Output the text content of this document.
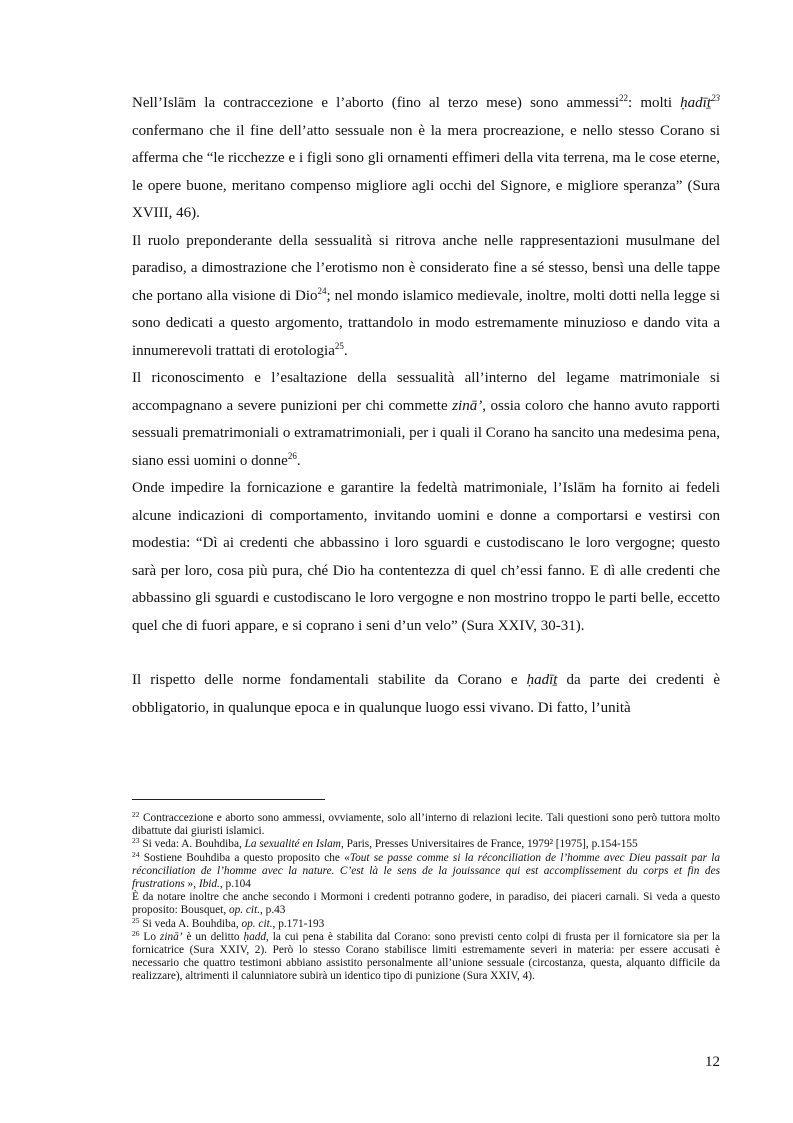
Nell’Islām la contraccezione e l’aborto (fino al terzo mese) sono ammessi$^{22}$: molti ḥadīṯ$^{23}$ confermano che il fine dell’atto sessuale non è la mera procreazione, e nello stesso Corano si afferma che “le ricchezze e i figli sono gli ornamenti effimeri della vita terrena, ma le cose eterne, le opere buone, meritano compenso migliore agli occhi del Signore, e migliore speranza” (Sura XVIII, 46).

Il ruolo preponderante della sessualità si ritrova anche nelle rappresentazioni musulmane del paradiso, a dimostrazione che l’erotismo non è considerato fine a sé stesso, bensì una delle tappe che portano alla visione di Dio$^{24}$; nel mondo islamico medievale, inoltre, molti dotti nella legge si sono dedicati a questo argomento, trattandolo in modo estremamente minuzioso e dando vita a innumerevoli trattati di erotologia$^{25}$.

Il riconoscimento e l’esaltazione della sessualità all’interno del legame matrimoniale si accompagnano a severe punizioni per chi commette zinā’, ossia coloro che hanno avuto rapporti sessuali prematrimoniali o extramatrimoniali, per i quali il Corano ha sancito una medesima pena, siano essi uomini o donne$^{26}$.

Onde impedire la fornicazione e garantire la fedeltà matrimoniale, l’Islām ha fornito ai fedeli alcune indicazioni di comportamento, invitando uomini e donne a comportarsi e vestirsi con modestia: “Dì ai credenti che abbassino i loro sguardi e custodiscano le loro vergogne; questo sarà per loro, cosa più pura, ché Dio ha contentezza di quel ch’essi fanno. E dì alle credenti che abbassino gli sguardi e custodiscano le loro vergogne e non mostrino troppo le parti belle, eccetto quel che di fuori appare, e si coprano i seni d’un velo” (Sura XXIV, 30-31).

Il rispetto delle norme fondamentali stabilite da Corano e ḥadīṯ da parte dei credenti è obbligatorio, in qualunque epoca e in qualunque luogo essi vivano. Di fatto, l’unità

$^{22}$ Contraccezione e aborto sono ammessi, ovviamente, solo all’interno di relazioni lecite. Tali questioni sono però tuttora molto dibattute dai giuristi islamici.

$^{23}$ Si veda: A. Bouhdiba, La sexualité en Islam, Paris, Presses Universitaires de France, 1979² [1975], p.154-155

$^{24}$ Sostiene Bouhdiba a questo proposito che «Tout se passe comme si la réconciliation de l’homme avec Dieu passait par la réconciliation de l’homme avec la nature. C’est là le sens de la jouissance qui est accomplissement du corps et fin des frustrations », Ibid., p.104

È da notare inoltre che anche secondo i Mormoni i credenti potranno godere, in paradiso, dei piaceri carnali. Si veda a questo proposito: Bousquet, op. cit., p.43

$^{25}$ Si veda A. Bouhdiba, op. cit., p.171-193

$^{26}$ Lo zinā’ è un delitto ḥadd, la cui pena è stabilita dal Corano: sono previsti cento colpi di frusta per il fornicatore sia per la fornicatrice (Sura XXIV, 2). Però lo stesso Corano stabilisce limiti estremamente severi in materia: per essere accusati è necessario che quattro testimoni abbiano assistito personalmente all’unione sessuale (circostanza, questa, alquanto difficile da realizzare), altrimenti il calunniatore subirà un identico tipo di punizione (Sura XXIV, 4).

12
